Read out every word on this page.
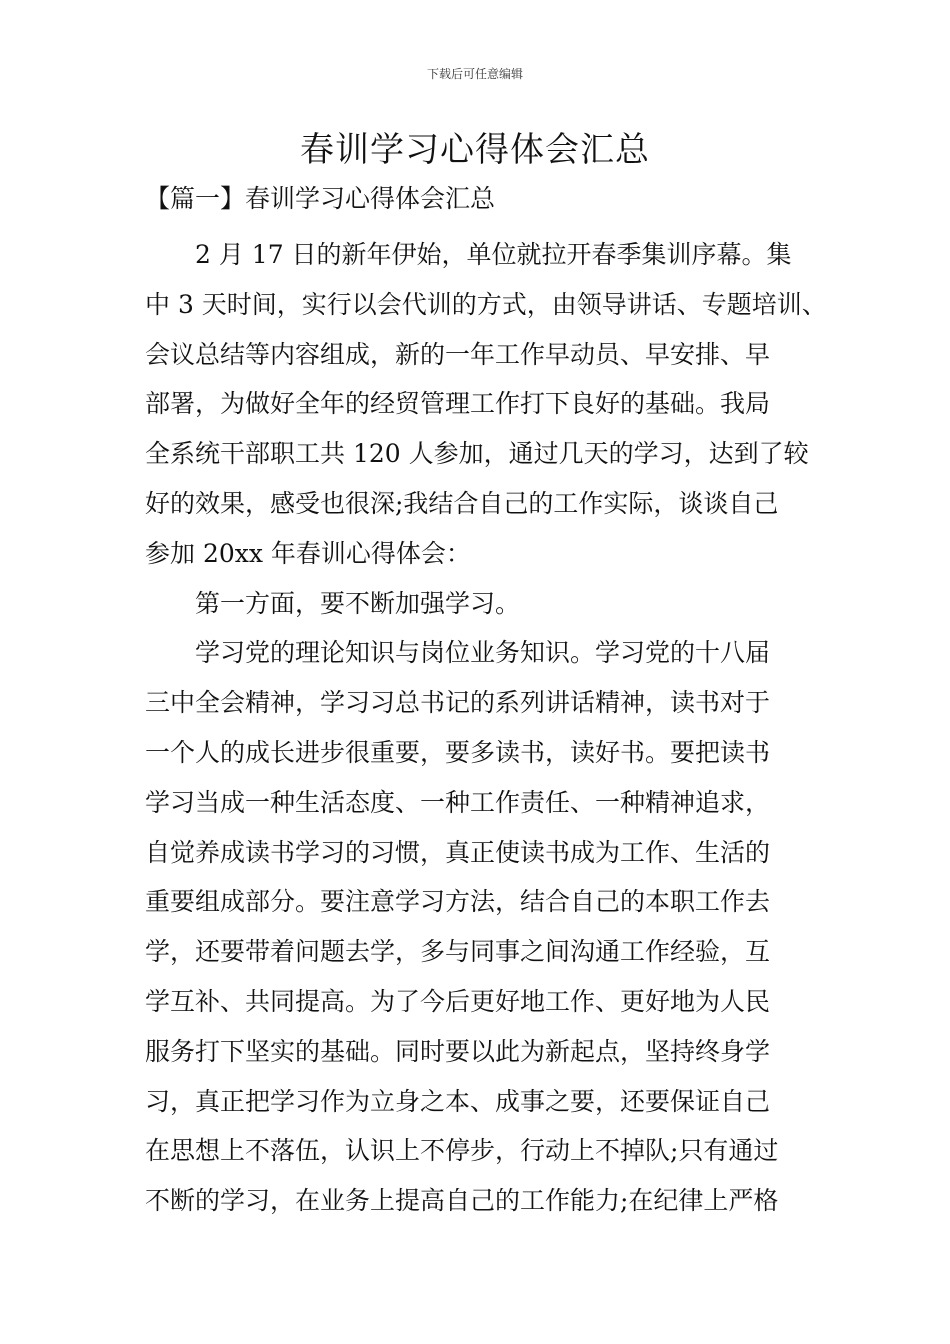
下载后可任意编辑
春训学习心得体会汇总
【篇一】春训学习心得体会汇总
　　2 月 17 日的新年伊始，单位就拉开春季集训序幕。集
中 3 天时间，实行以会代训的方式，由领导讲话、专题培训、
会议总结等内容组成，新的一年工作早动员、早安排、早
部署，为做好全年的经贸管理工作打下良好的基础。我局
全系统干部职工共 120 人参加，通过几天的学习，达到了较
好的效果，感受也很深;我结合自己的工作实际，谈谈自己
参加 20xx 年春训心得体会：
　　第一方面，要不断加强学习。
　　学习党的理论知识与岗位业务知识。学习党的十八届
三中全会精神，学习习总书记的系列讲话精神，读书对于
一个人的成长进步很重要，要多读书，读好书。要把读书
学习当成一种生活态度、一种工作责任、一种精神追求，
自觉养成读书学习的习惯，真正使读书成为工作、生活的
重要组成部分。要注意学习方法，结合自己的本职工作去
学，还要带着问题去学，多与同事之间沟通工作经验，互
学互补、共同提高。为了今后更好地工作、更好地为人民
服务打下坚实的基础。同时要以此为新起点，坚持终身学
习，真正把学习作为立身之本、成事之要，还要保证自己
在思想上不落伍，认识上不停步，行动上不掉队;只有通过
不断的学习，在业务上提高自己的工作能力;在纪律上严格
